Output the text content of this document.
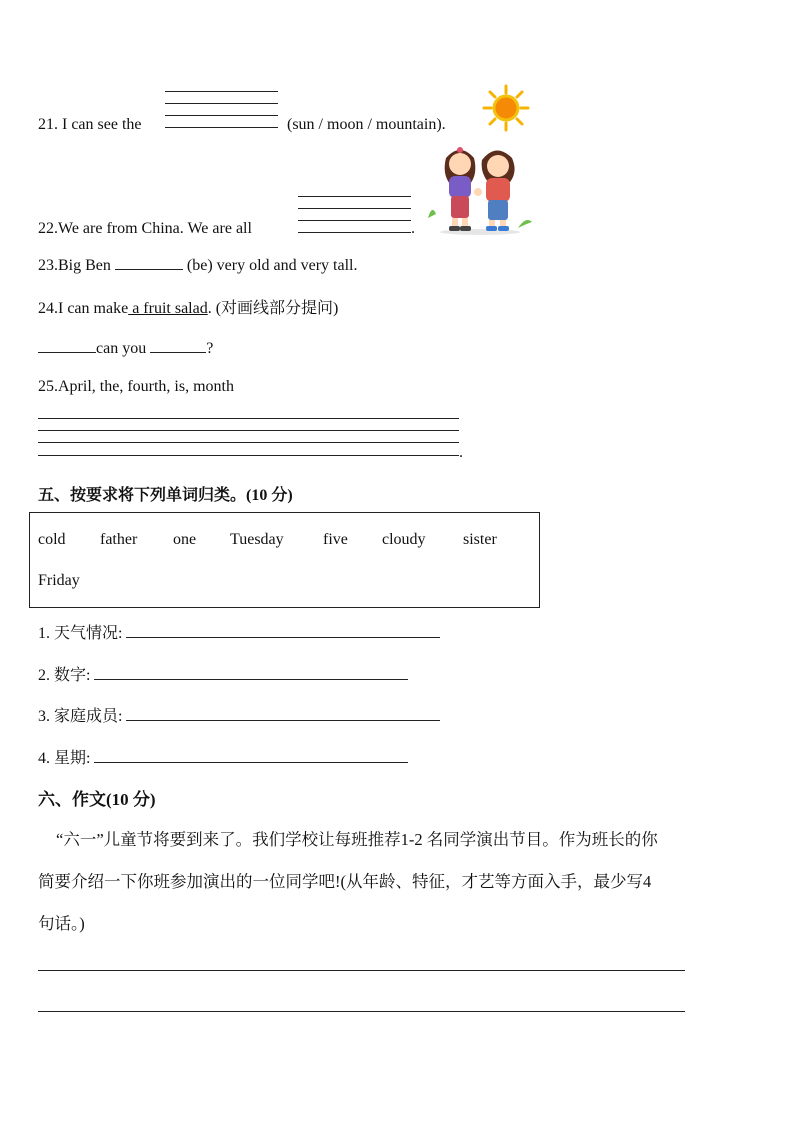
21. I can see the	(sun / moon / mountain).
22.We are from China. We are all	.
23.Big Ben	(be) very old and very tall.
24.I can make a fruit salad. (对画线部分提问)
can you	?
25.April, the, fourth, is, month
.
五、按要求将下列单词归类。(10 分)
cold father one Tuesday five cloudy sister
Friday
1. 天气情况:
2. 数字:
3. 家庭成员:
4. 星期:
六、作文(10 分)
“六一”儿童节将要到来了。我们学校让每班推荐1-2 名同学演出节目。作为班长的你
简要介绍一下你班参加演出的一位同学吧!(从年龄、特征，才艺等方面入手，最少写4
句话。)
